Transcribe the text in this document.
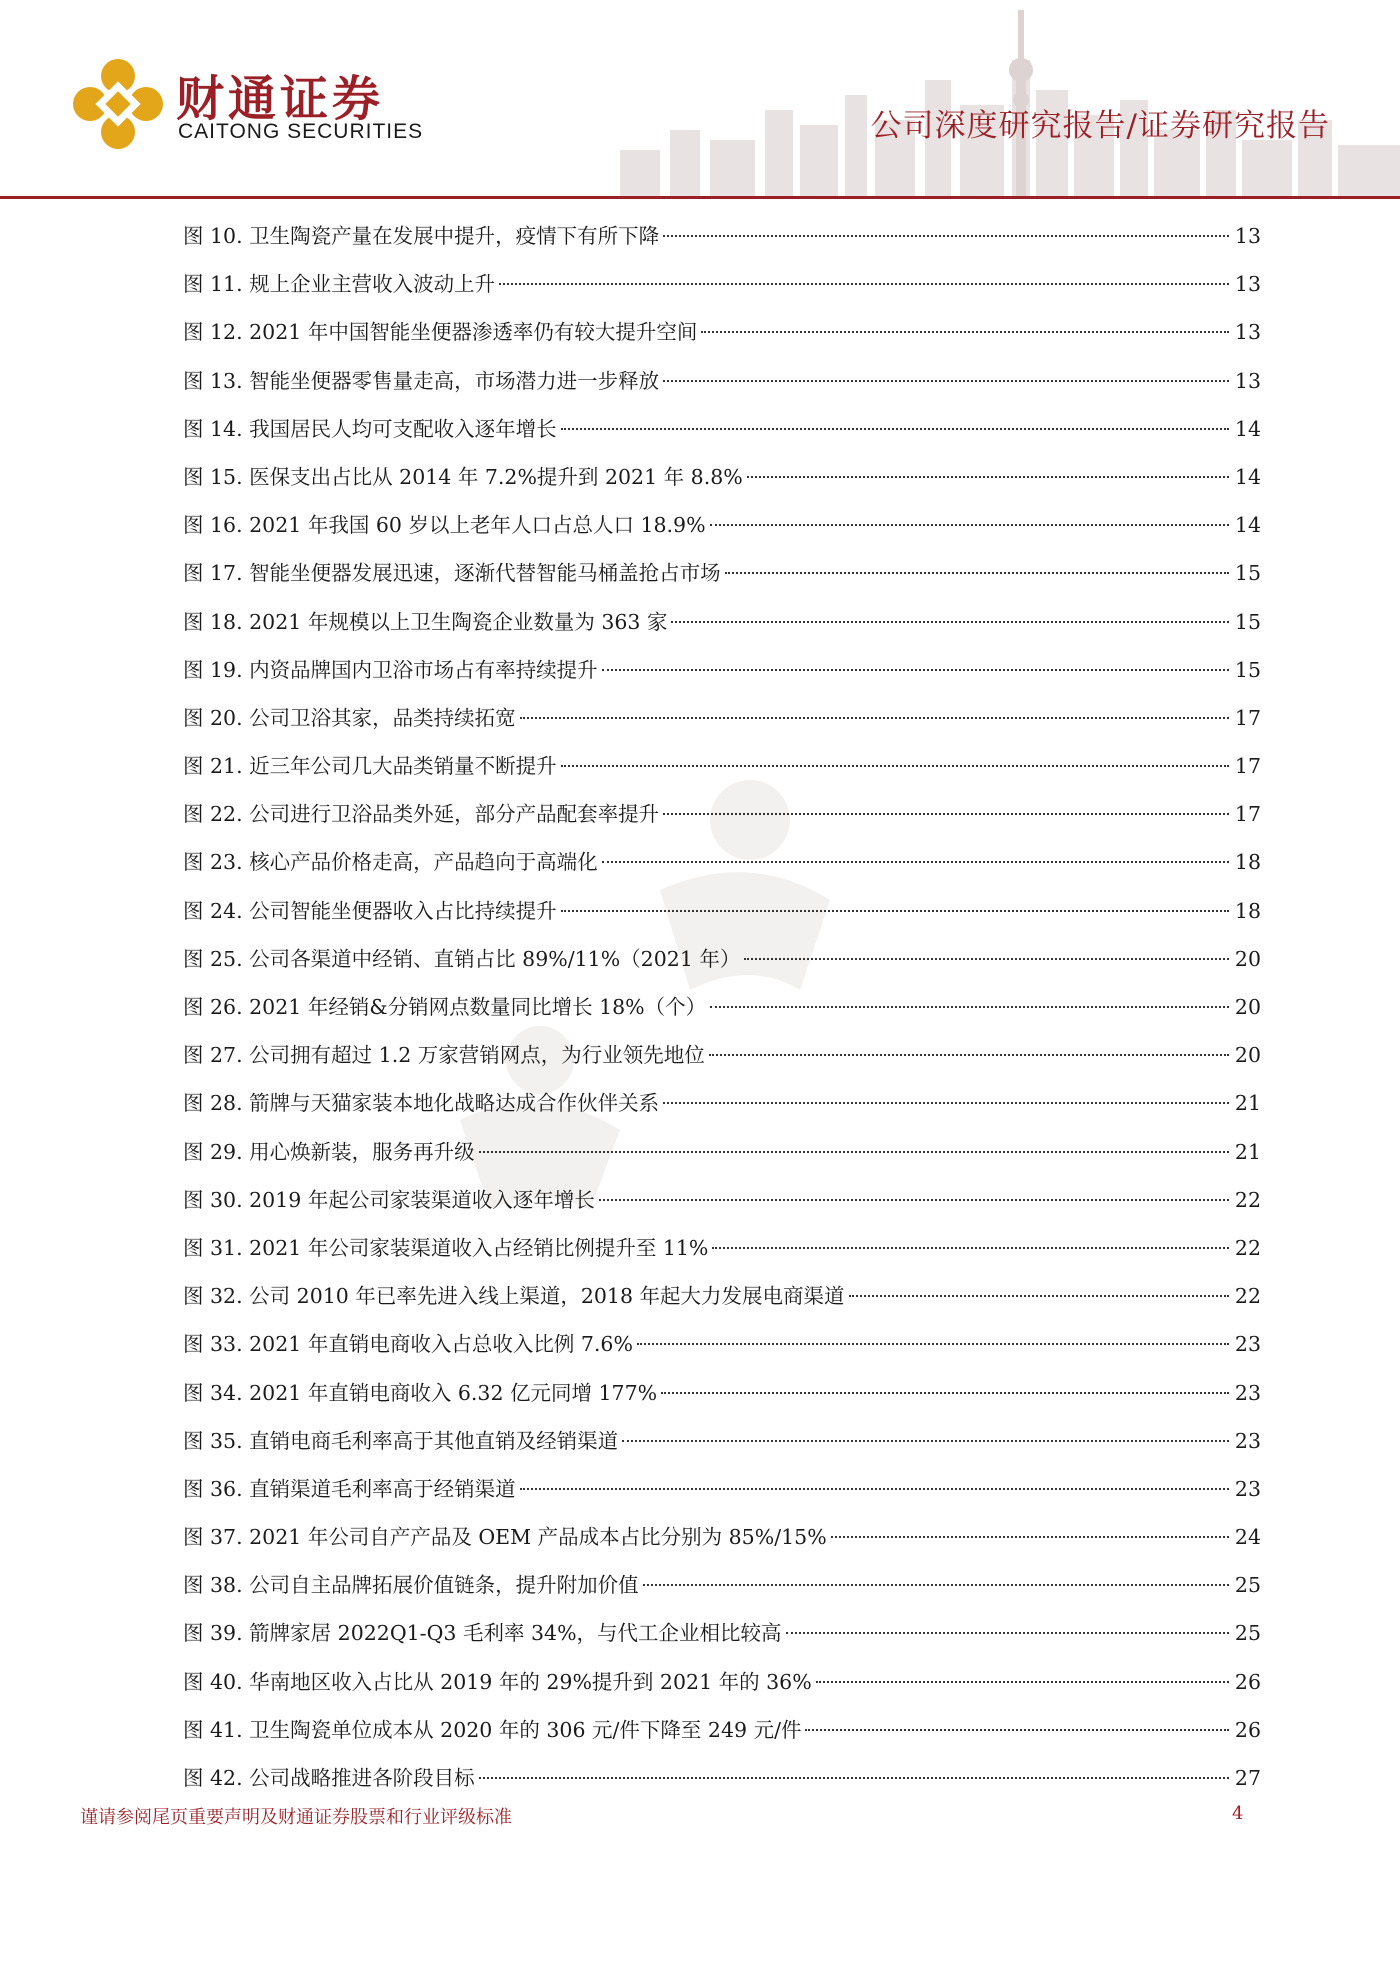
财通证券
CAITONG SECURITIES	公司深度研究报告/证券研究报告
图 10. 卫生陶瓷产量在发展中提升，疫情下有所下降	13
图 11. 规上企业主营收入波动上升	13
图 12. 2021 年中国智能坐便器渗透率仍有较大提升空间	13
图 13. 智能坐便器零售量走高，市场潜力进一步释放	13
图 14. 我国居民人均可支配收入逐年增长	14
图 15. 医保支出占比从 2014 年 7.2%提升到 2021 年 8.8%	14
图 16. 2021 年我国 60 岁以上老年人口占总人口 18.9%	14
图 17. 智能坐便器发展迅速，逐渐代替智能马桶盖抢占市场	15
图 18. 2021 年规模以上卫生陶瓷企业数量为 363 家	15
图 19. 内资品牌国内卫浴市场占有率持续提升	15
图 20. 公司卫浴其家，品类持续拓宽	17
图 21. 近三年公司几大品类销量不断提升	17
图 22. 公司进行卫浴品类外延，部分产品配套率提升	17
图 23. 核心产品价格走高，产品趋向于高端化	18
图 24. 公司智能坐便器收入占比持续提升	18
图 25. 公司各渠道中经销、直销占比 89%/11%（2021 年）	20
图 26. 2021 年经销&分销网点数量同比增长 18%（个）	20
图 27. 公司拥有超过 1.2 万家营销网点，为行业领先地位	20
图 28. 箭牌与天猫家装本地化战略达成合作伙伴关系	21
图 29. 用心焕新装，服务再升级	21
图 30. 2019 年起公司家装渠道收入逐年增长	22
图 31. 2021 年公司家装渠道收入占经销比例提升至 11%	22
图 32. 公司 2010 年已率先进入线上渠道，2018 年起大力发展电商渠道	22
图 33. 2021 年直销电商收入占总收入比例 7.6%	23
图 34. 2021 年直销电商收入 6.32 亿元同增 177%	23
图 35. 直销电商毛利率高于其他直销及经销渠道	23
图 36. 直销渠道毛利率高于经销渠道	23
图 37. 2021 年公司自产产品及 OEM 产品成本占比分别为 85%/15%	24
图 38. 公司自主品牌拓展价值链条，提升附加价值	25
图 39. 箭牌家居 2022Q1-Q3 毛利率 34%，与代工企业相比较高	25
图 40. 华南地区收入占比从 2019 年的 29%提升到 2021 年的 36%	26
图 41. 卫生陶瓷单位成本从 2020 年的 306 元/件下降至 249 元/件	26
图 42. 公司战略推进各阶段目标	27
谨请参阅尾页重要声明及财通证券股票和行业评级标准	4
